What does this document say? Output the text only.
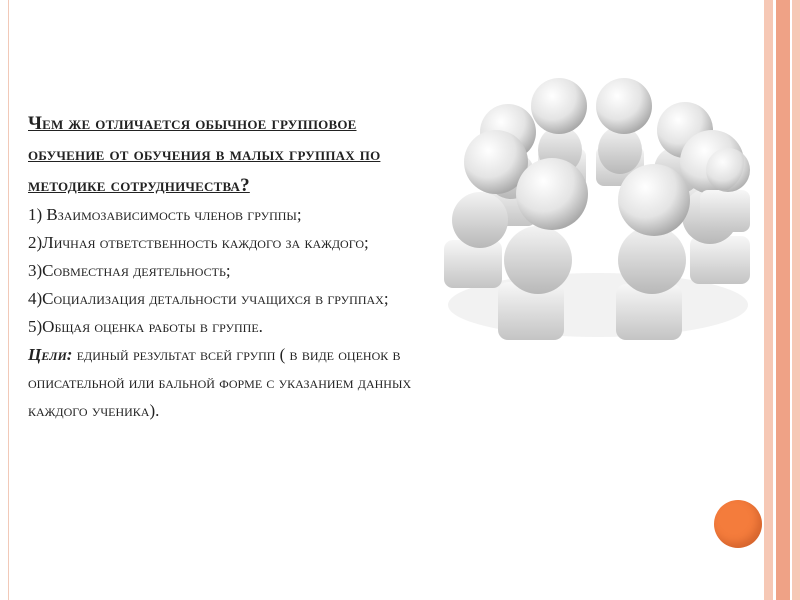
Чем же отличается обычное групповое обучение от обучения в малых группах по методике сотрудничества?
1) Взаимозависимость членов группы;
2)Личная ответственность каждого за каждого;
3)Совместная деятельность;
4)Социализация детальности учащихся в группах;
5)Общая оценка работы в группе.
Цели: единый результат всей групп ( в виде оценок в описательной или бальной форме с указанием данных каждого ученика).
